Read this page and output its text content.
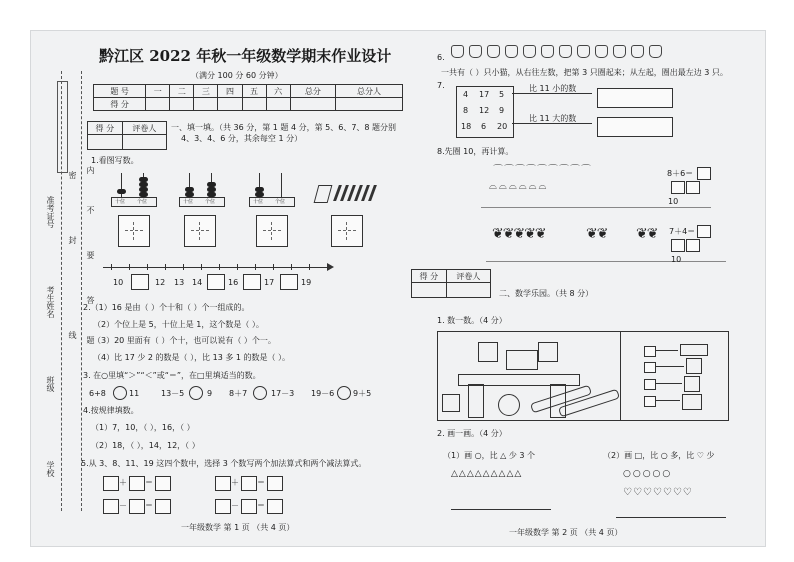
学校
班级
考生姓名
准考证号
密
封
线
内
不
要
答
题
黔江区 2022 年秋一年级数学期末作业设计
（满分 100 分 60 分钟）
题 号	一	二	三	四	五	六	总分	总分人
得 分								
得 分	评卷人
	一、填一填。（共 36 分，第 1 题 4 分，第 5、6、7、8 题分别
4、3、4、6 分，其余每空 1 分）
1.看图写数。
十位 个位	十位 个位	十位 个位
10	12 13 14	16	17	19
2.（1）16 是由（ ）个十和（ ）个一组成的。
（2）个位上是 5，十位上是 1，这个数是（ ）。
（3）20 里面有（ ）个十，也可以说有（ ）个一。
（4）比 17 少 2 的数是（ ），比 13 多 1 的数是（ ）。
3. 在○里填“＞”“＜”或“＝”，在□里填适当的数。
6+8	11	13－5	9 8＋7	17－3 19－6 9＋5
4.按规律填数。
（1）7，10，（ ），16，（ ）
（2）18，（ ），14，12，（ ）
5.从 3、8、11、19 这四个数中，选择 3 个数写两个加法算式和两个减法算式。
＋ ＝
－ ＝
＋ ＝
－ ＝
一年级数学 第 1 页 （共 4 页）
6.
一共有（ ）只小猫，从右往左数，把第 3 只圈起来；从左起，圈出最左边 3 只。
7.
4 17 5
8 12 9
18 6 20
比 11 小的数
比 11 大的数
8.先圈 10，再计算。
⌒⌒⌒⌒⌒⌒⌒⌒⌒
⌓⌓⌓⌓⌓⌓
8＋6＝
10
❦❦❦❦❦	❦❦ ❦❦ 7＋4＝
10
得 分	评卷人

二、数学乐园。（共 8 分）
1. 数一数。（4 分）
2. 画一画。（4 分）
（1）画 ○，比 △ 少 3 个
△△△△△△△△△
（2）画 □，比 ○ 多，比 ♡ 少
○○○○○
♡♡♡♡♡♡♡
一年级数学 第 2 页 （共 4 页）
